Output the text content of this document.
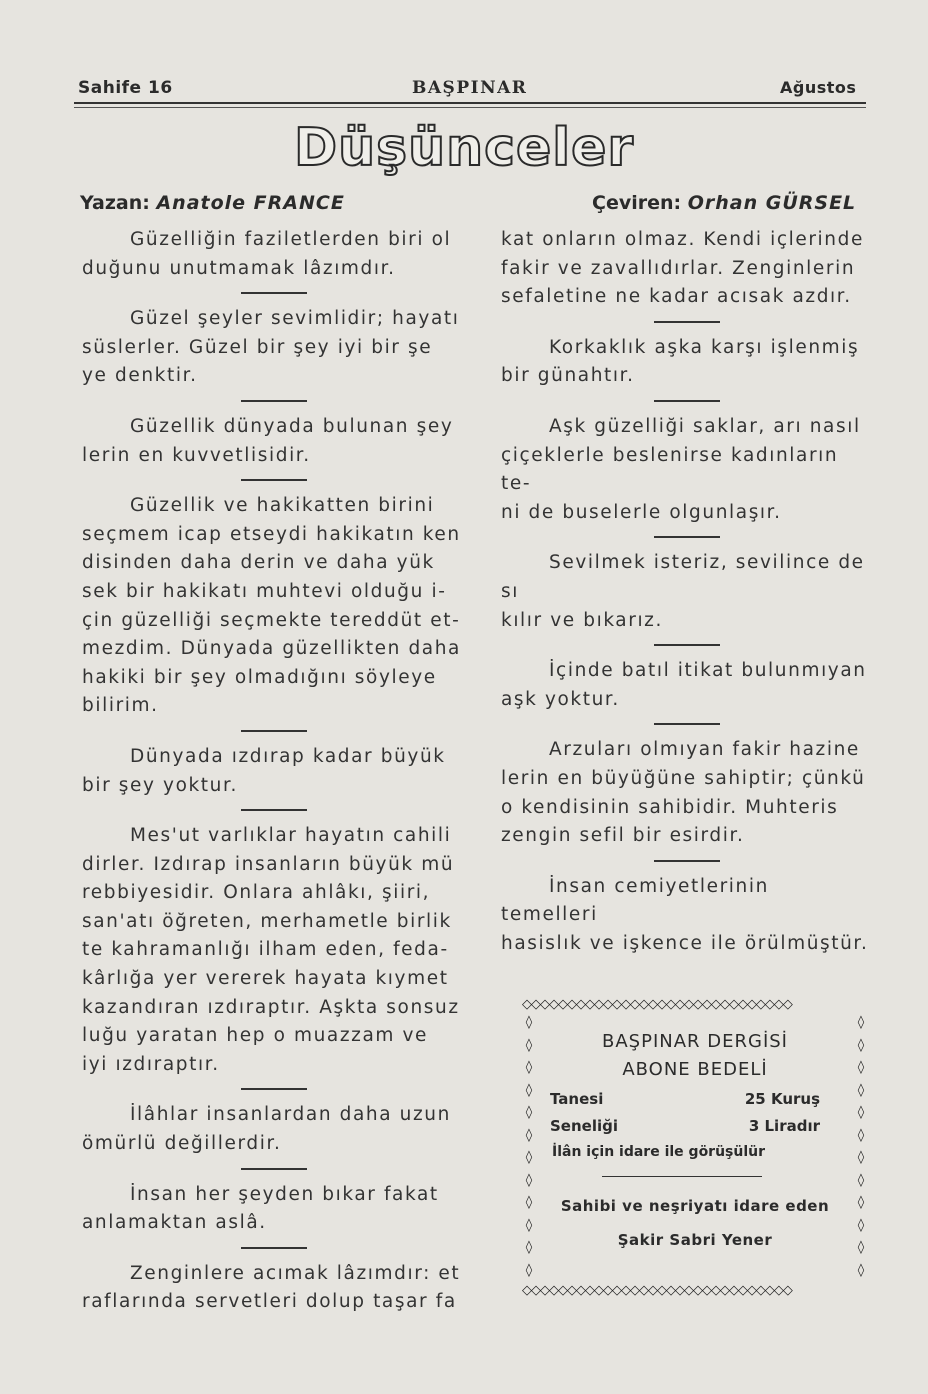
Sahife 16	BAŞPINAR	Ağustos
Düşünceler
Yazan: Anatole FRANCE	Çeviren: Orhan GÜRSEL

Güzelliğin faziletlerden biri ol
duğunu unutmamak lâzımdır.

Güzel şeyler sevimlidir; hayatı
süslerler. Güzel bir şey iyi bir şe
ye denktir.

Güzellik dünyada bulunan şey
lerin en kuvvetlisidir.

Güzellik ve hakikatten birini
seçmem icap etseydi hakikatın ken
disinden daha derin ve daha yük
sek bir hakikatı muhtevi olduğu i-
çin güzelliği seçmekte tereddüt et-
mezdim. Dünyada güzellikten daha
hakiki bir şey olmadığını söyleye
bilirim.

Dünyada ızdırap kadar büyük
bir şey yoktur.

Mes'ut varlıklar hayatın cahili
dirler. Izdırap insanların büyük mü
rebbiyesidir. Onlara ahlâkı, şiiri,
san'atı öğreten, merhametle birlik
te kahramanlığı ilham eden, feda-
kârlığa yer vererek hayata kıymet
kazandıran ızdıraptır. Aşkta sonsuz
luğu yaratan hep o muazzam ve
iyi ızdıraptır.

İlâhlar insanlardan daha uzun
ömürlü değillerdir.

İnsan her şeyden bıkar fakat
anlamaktan aslâ.

Zenginlere acımak lâzımdır: et
raflarında servetleri dolup taşar fa

kat onların olmaz. Kendi içlerinde
fakir ve zavallıdırlar. Zenginlerin
sefaletine ne kadar acısak azdır.

Korkaklık aşka karşı işlenmiş
bir günahtır.

Aşk güzelliği saklar, arı nasıl
çiçeklerle beslenirse kadınların te-
ni de buselerle olgunlaşır.

Sevilmek isteriz, sevilince de sı
kılır ve bıkarız.

İçinde batıl itikat bulunmıyan
aşk yoktur.

Arzuları olmıyan fakir hazine
lerin en büyüğüne sahiptir; çünkü
o kendisinin sahibidir. Muhteris
zengin sefil bir esirdir.

İnsan cemiyetlerinin temelleri
hasislık ve işkence ile örülmüştür.

◇◇◇◇◇◇◇◇◇◇◇◇◇◇◇◇◇◇◇◇◇◇◇◇◇◇◇◇◇◇
◊
◊
◊
◊
◊
◊
◊
◊
◊
◊
◊
◊
◊
◊
◊
◊
◊
◊
◊
◊
◊
◊
◊
◊
◇◇◇◇◇◇◇◇◇◇◇◇◇◇◇◇◇◇◇◇◇◇◇◇◇◇◇◇◇◇
BAŞPINAR DERGİSİ
ABONE BEDELİ
Tanesi	25 Kuruş
Seneliği	3 Liradır
İlân için idare ile görüşülür
Sahibi ve neşriyatı idare eden
Şakir Sabri Yener
